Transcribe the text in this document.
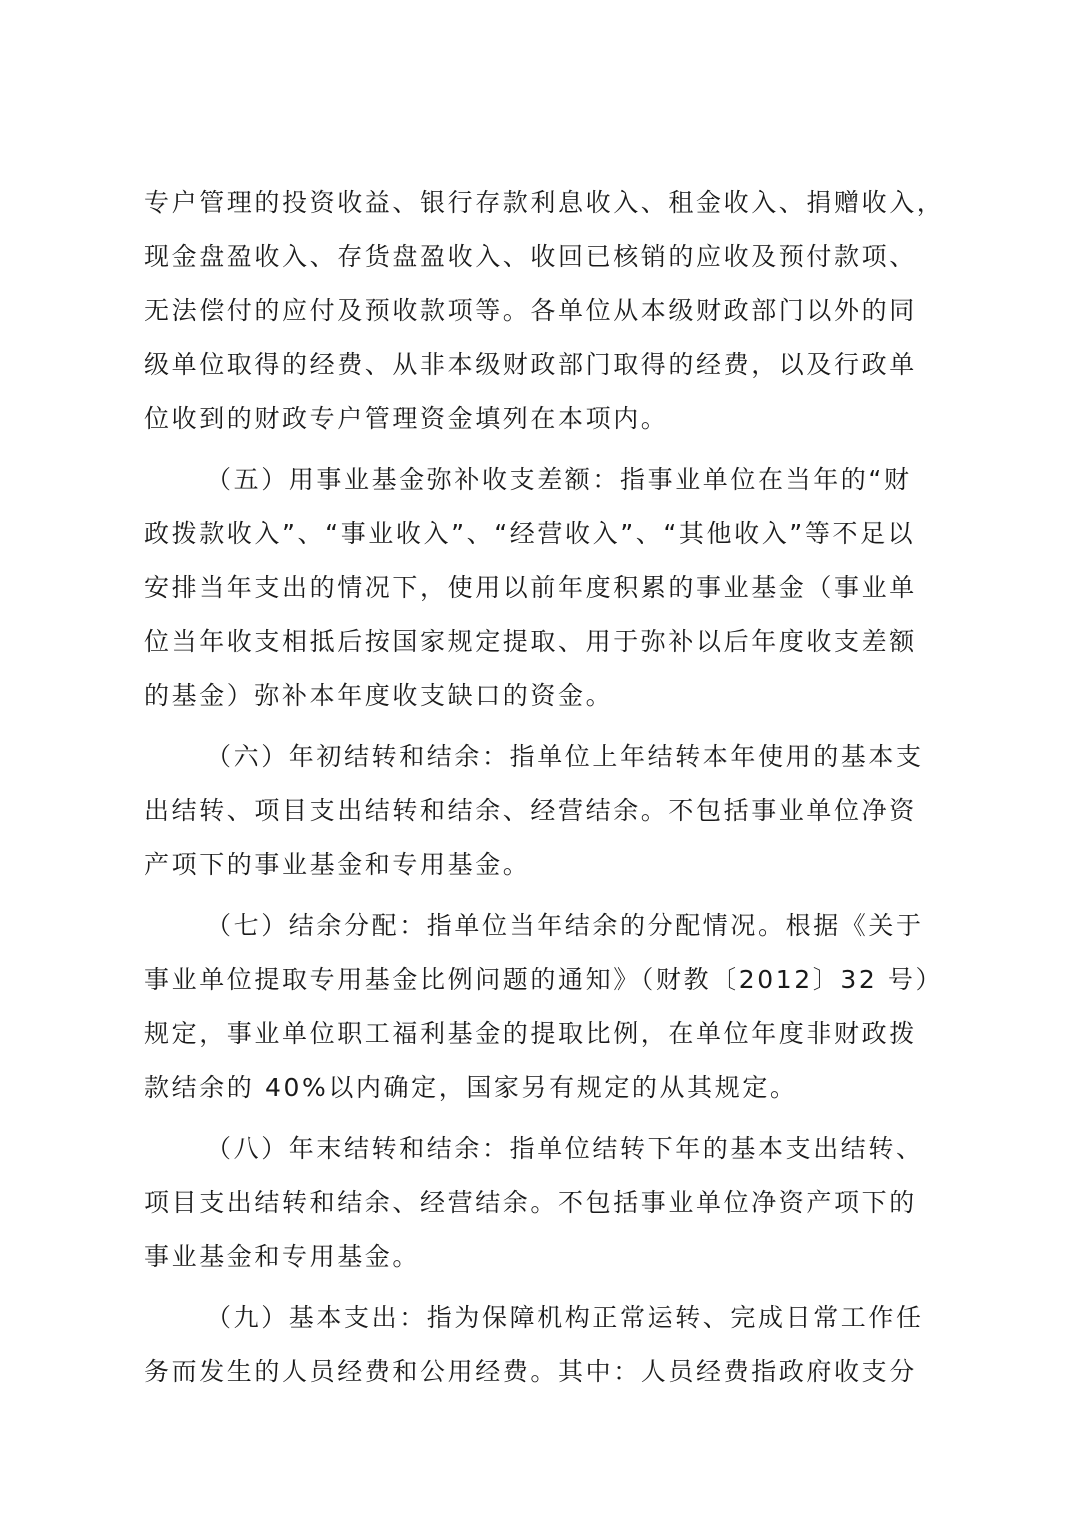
专户管理的投资收益、银行存款利息收入、租金收入、捐赠收入，
现金盘盈收入、存货盘盈收入、收回已核销的应收及预付款项、
无法偿付的应付及预收款项等。各单位从本级财政部门以外的同
级单位取得的经费、从非本级财政部门取得的经费，以及行政单
位收到的财政专户管理资金填列在本项内。
（五）用事业基金弥补收支差额：指事业单位在当年的“财
政拨款收入”、“事业收入”、“经营收入”、“其他收入”等不足以
安排当年支出的情况下，使用以前年度积累的事业基金（事业单
位当年收支相抵后按国家规定提取、用于弥补以后年度收支差额
的基金）弥补本年度收支缺口的资金。
（六）年初结转和结余：指单位上年结转本年使用的基本支
出结转、项目支出结转和结余、经营结余。不包括事业单位净资
产项下的事业基金和专用基金。
（七）结余分配：指单位当年结余的分配情况。根据《关于
事业单位提取专用基金比例问题的通知》（财教〔2012〕32 号）
规定，事业单位职工福利基金的提取比例，在单位年度非财政拨
款结余的 40%以内确定，国家另有规定的从其规定。
（八）年末结转和结余：指单位结转下年的基本支出结转、
项目支出结转和结余、经营结余。不包括事业单位净资产项下的
事业基金和专用基金。
（九）基本支出：指为保障机构正常运转、完成日常工作任
务而发生的人员经费和公用经费。其中：人员经费指政府收支分
